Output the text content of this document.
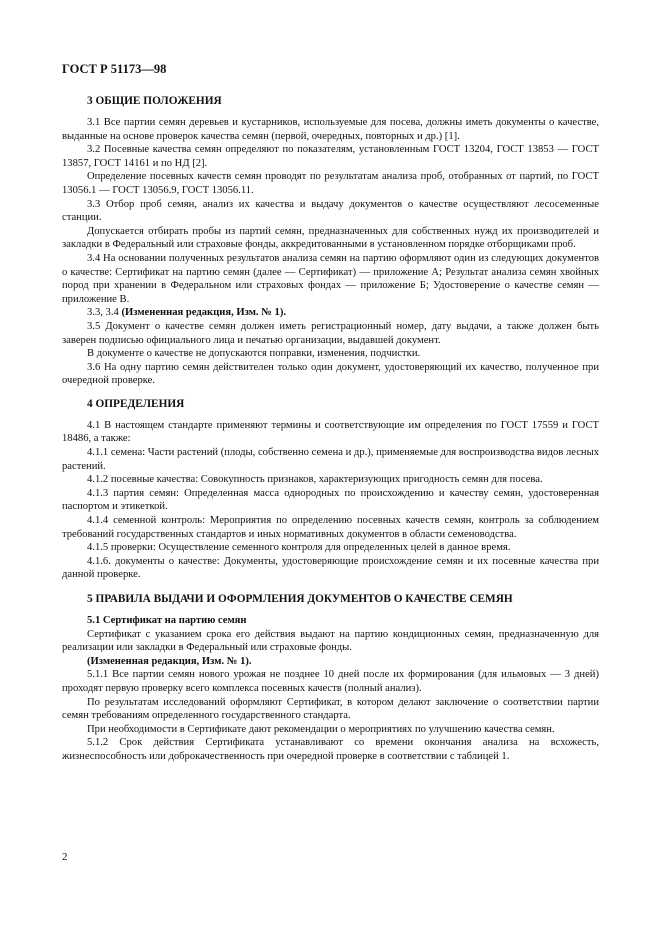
ГОСТ Р 51173—98
3 ОБЩИЕ ПОЛОЖЕНИЯ

3.1 Все партии семян деревьев и кустарников, используемые для посева, должны иметь документы о качестве, выданные на основе проверок качества семян (первой, очередных, повторных и др.) [1].

3.2 Посевные качества семян определяют по показателям, установленным ГОСТ 13204, ГОСТ 13853 — ГОСТ 13857, ГОСТ 14161 и по НД [2].

Определение посевных качеств семян проводят по результатам анализа проб, отобранных от партий, по ГОСТ 13056.1 — ГОСТ 13056.9, ГОСТ 13056.11.

3.3 Отбор проб семян, анализ их качества и выдачу документов о качестве осуществляют лесосеменные станции.

Допускается отбирать пробы из партий семян, предназначенных для собственных нужд их производителей и закладки в Федеральный или страховые фонды, аккредитованными в установленном порядке отборщиками проб.

3.4 На основании полученных результатов анализа семян на партию оформляют один из следующих документов о качестве: Сертификат на партию семян (далее — Сертификат) — приложение А; Результат анализа семян хвойных пород при хранении в Федеральном или страховых фондах — приложение Б; Удостоверение о качестве семян — приложение В.

3.3, 3.4 (Измененная редакция, Изм. № 1).

3.5 Документ о качестве семян должен иметь регистрационный номер, дату выдачи, а также должен быть заверен подписью официального лица и печатью организации, выдавшей документ.

В документе о качестве не допускаются поправки, изменения, подчистки.

3.6 На одну партию семян действителен только один документ, удостоверяющий их качество, полученное при очередной проверке.

4 ОПРЕДЕЛЕНИЯ

4.1 В настоящем стандарте применяют термины и соответствующие им определения по ГОСТ 17559 и ГОСТ 18486, а также:

4.1.1 семена: Части растений (плоды, собственно семена и др.), применяемые для воспроизводства видов лесных растений.

4.1.2 посевные качества: Совокупность признаков, характеризующих пригодность семян для посева.

4.1.3 партия семян: Определенная масса однородных по происхождению и качеству семян, удостоверенная паспортом и этикеткой.

4.1.4 семенной контроль: Мероприятия по определению посевных качеств семян, контроль за соблюдением требований государственных стандартов и иных нормативных документов в области семеноводства.

4.1.5 проверки: Осуществление семенного контроля для определенных целей в данное время.

4.1.6. документы о качестве: Документы, удостоверяющие происхождение семян и их посевные качества при данной проверке.

5 ПРАВИЛА ВЫДАЧИ И ОФОРМЛЕНИЯ ДОКУМЕНТОВ О КАЧЕСТВЕ СЕМЯН
5.1 Сертификат на партию семян

Сертификат с указанием срока его действия выдают на партию кондиционных семян, предназначенную для реализации или закладки в Федеральный или страховые фонды.

(Измененная редакция, Изм. № 1).

5.1.1 Все партии семян нового урожая не позднее 10 дней после их формирования (для ильмовых — 3 дней) проходят первую проверку всего комплекса посевных качеств (полный анализ).

По результатам исследований оформляют Сертификат, в котором делают заключение о соответствии партии семян требованиям определенного государственного стандарта.

При необходимости в Сертификате дают рекомендации о мероприятиях по улучшению качества семян.

5.1.2 Срок действия Сертификата устанавливают со времени окончания анализа на всхожесть, жизнеспособность или доброкачественность при очередной проверке в соответствии с таблицей 1.

2
